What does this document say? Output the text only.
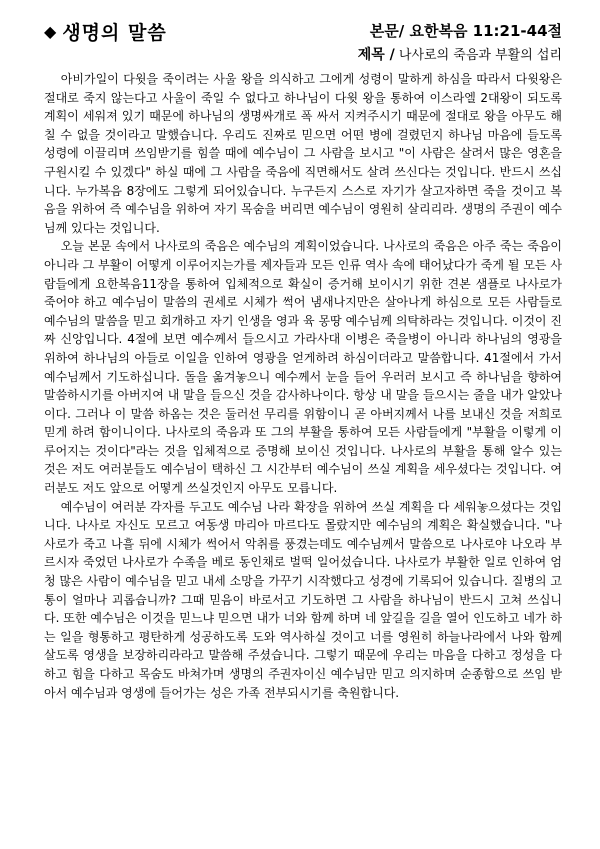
◆ 생명의 말씀	본문/ 요한복음 11:21-44절
제목 / 나사로의 죽음과 부활의 섭리

아비가일이 다윗을 죽이려는 사울 왕을 의식하고 그에게 성령이 말하게 하심을 따라서 다윗왕은 절대로 죽지 않는다고 사울이 죽일 수 없다고 하나님이 다윗 왕을 통하여 이스라엘 2대왕이 되도록 계획이 세워져 있기 때문에 하나님의 생명싸개로 폭 싸서 지켜주시기 때문에 절대로 왕을 아무도 해칠 수 없을 것이라고 말했습니다. 우리도 진짜로 믿으면 어떤 병에 걸렸던지 하나님 마음에 들도록 성령에 이끌리며 쓰임받기를 힘쓸 때에 예수님이 그 사람을 보시고 "이 사람은 살려서 많은 영혼을 구원시킬 수 있겠다" 하실 때에 그 사람을 죽음에 직면해서도 살려 쓰신다는 것입니다. 반드시 쓰십니다. 누가복음 8장에도 그렇게 되어있습니다. 누구든지 스스로 자기가 살고자하면 죽을 것이고 복음을 위하여 즉 예수님을 위하여 자기 목숨을 버리면 예수님이 영원히 살리리라. 생명의 주권이 예수님께 있다는 것입니다.

오늘 본문 속에서 나사로의 죽음은 예수님의 계획이었습니다. 나사로의 죽음은 아주 죽는 죽음이 아니라 그 부활이 어떻게 이루어지는가를 제자들과 모든 인류 역사 속에 태어났다가 죽게 될 모든 사람들에게 요한복음11장을 통하여 입체적으로 확실이 증거해 보이시기 위한 견본 샘플로 나사로가 죽어야 하고 예수님이 말씀의 권세로 시체가 썩어 냄새나지만은 살아나게 하심으로 모든 사람들로 예수님의 말씀을 믿고 회개하고 자기 인생을 영과 육 몽땅 예수님께 의탁하라는 것입니다. 이것이 진짜 신앙입니다. 4절에 보면 예수께서 들으시고 가라사대 이병은 죽을병이 아니라 하나님의 영광을 위하여 하나님의 아들로 이일을 인하여 영광을 얻게하려 하심이더라고 말씀합니다. 41절에서 가서 예수님께서 기도하십니다. 돌을 옮겨놓으니 예수께서 눈을 들어 우러러 보시고 즉 하나님을 향하여 말씀하시기를 아버지여 내 말을 들으신 것을 감사하나이다. 항상 내 말을 들으시는 줄을 내가 알았나이다. 그러나 이 말씀 하옴는 것은 둘러선 무리를 위함이니 곧 아버지께서 나를 보내신 것을 저희로 믿게 하려 함이니이다. 나사로의 죽음과 또 그의 부활을 통하여 모든 사람들에게 "부활을 이렇게 이루어지는 것이다"라는 것을 입체적으로 증명해 보이신 것입니다. 나사로의 부활을 통해 알수 있는 것은 저도 여러분들도 예수님이 택하신 그 시간부터 예수님이 쓰실 계획을 세우셨다는 것입니다. 여러분도 저도 앞으로 어떻게 쓰실것인지 아무도 모릅니다.

예수님이 여러분 각자를 두고도 예수님 나라 확장을 위하여 쓰실 계획을 다 세워놓으셨다는 것입니다. 나사로 자신도 모르고 여동생 마리아 마르다도 몰랐지만 예수님의 계획은 확실했습니다. "나사로가 죽고 나흘 뒤에 시체가 썩어서 악취를 풍겼는데도 예수님께서 말씀으로 나사로야 나오라 부르시자 죽었던 나사로가 수족을 베로 동인채로 벌떡 일어섰습니다. 나사로가 부활한 일로 인하여 엄청 많은 사람이 예수님을 믿고 내세 소망을 가꾸기 시작했다고 성경에 기록되어 있습니다. 질병의 고통이 얼마나 괴롭습니까? 그때 믿음이 바로서고 기도하면 그 사람을 하나님이 반드시 고쳐 쓰십니다. 또한 예수님은 이것을 믿느냐 믿으면 내가 너와 함께 하며 네 앞길을 길을 열어 인도하고 네가 하는 일을 형통하고 평탄하게 성공하도록 도와 역사하실 것이고 너를 영원히 하늘나라에서 나와 함께 살도록 영생을 보장하리라라고 말씀해 주셨습니다. 그렇기 때문에 우리는 마음을 다하고 정성을 다하고 힘을 다하고 목숨도 바쳐가며 생명의 주권자이신 예수님만 믿고 의지하며 순종함으로 쓰임 받아서 예수님과 영생에 들어가는 성은 가족 전부되시기를 축원합니다.
